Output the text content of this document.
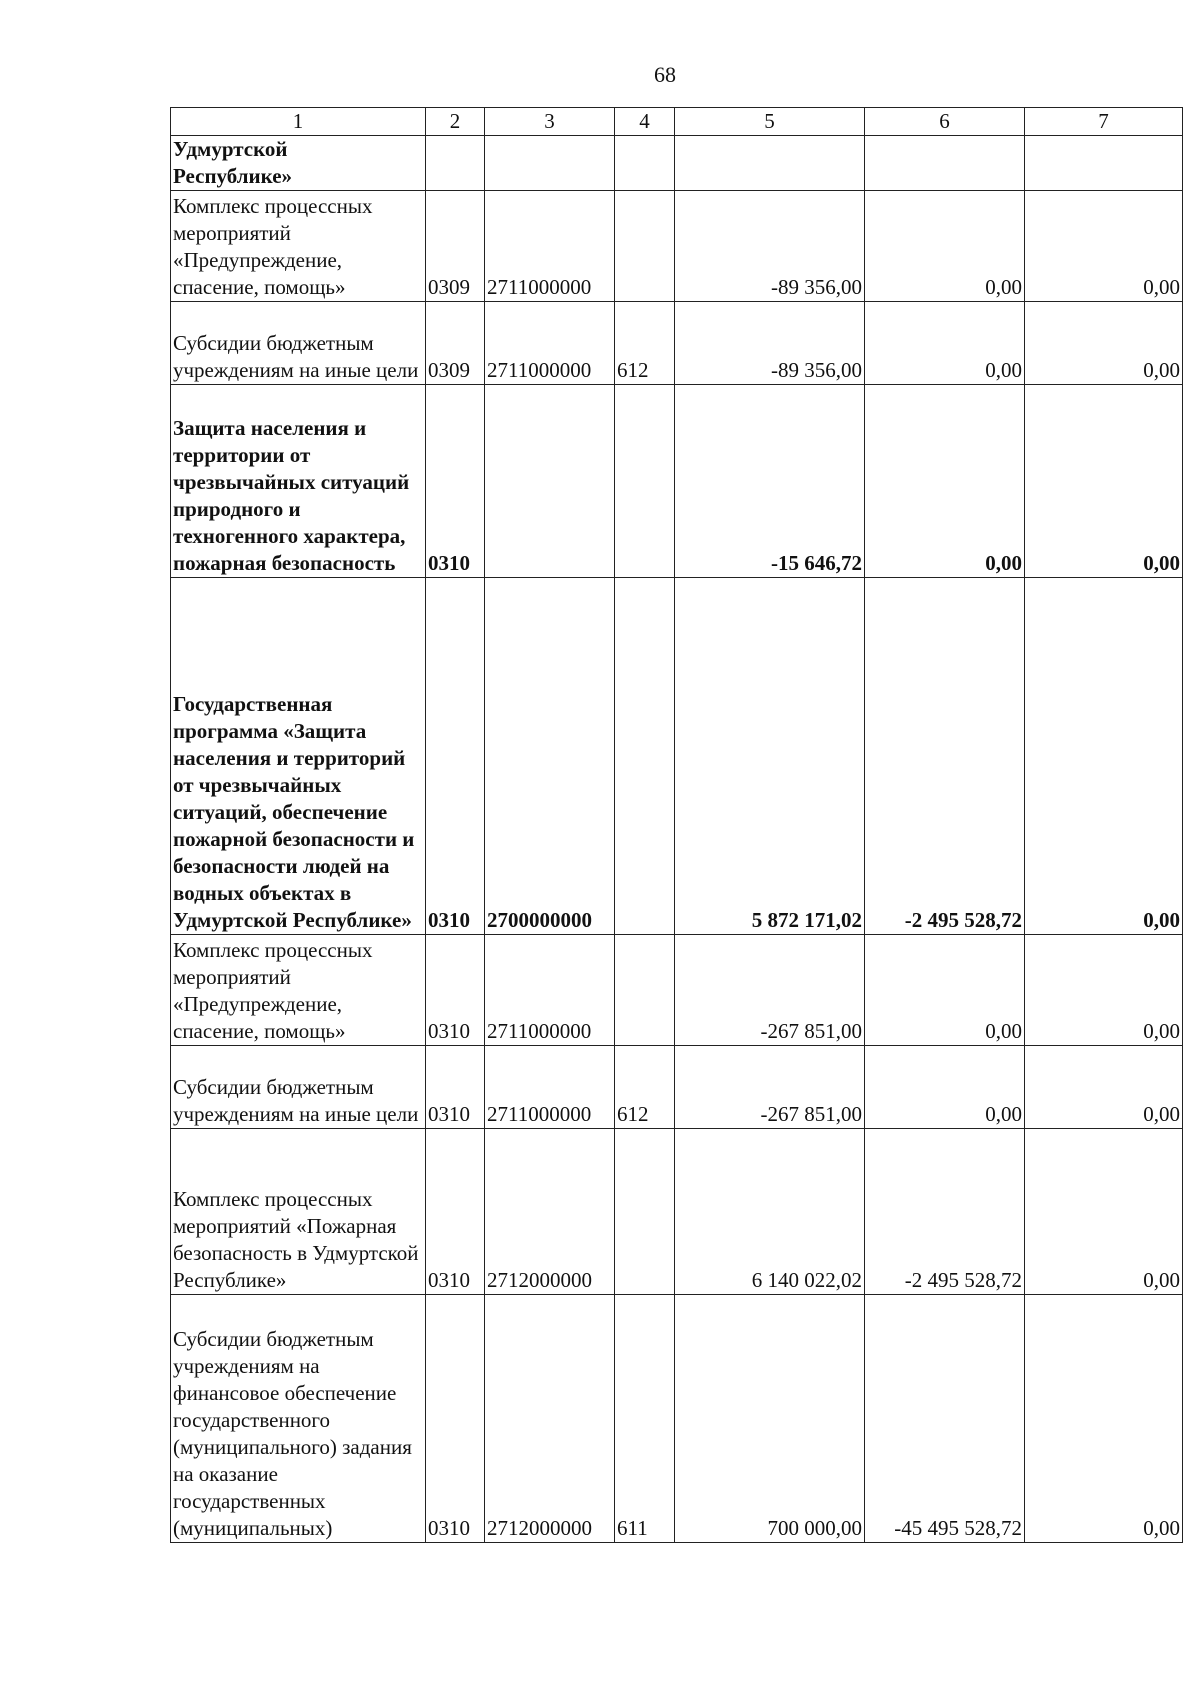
68
1	2	3	4	5	6	7

Удмуртской Республике»						

Комплекс процессных мероприятий «Предупреждение, спасение, помощь»	0309	2711000000		-89 356,00	0,00	0,00

Субсидии бюджетным учреждениям на иные цели	0309	2711000000	612	-89 356,00	0,00	0,00

Защита населения и территории от чрезвычайных ситуаций природного и техногенного характера, пожарная безопасность	0310			-15 646,72	0,00	0,00

Государственная программа «Защита населения и территорий от чрезвычайных ситуаций, обеспечение пожарной безопасности и безопасности людей на водных объектах в Удмуртской Республике»	0310	2700000000		5 872 171,02	-2 495 528,72	0,00

Комплекс процессных мероприятий «Предупреждение, спасение, помощь»	0310	2711000000		-267 851,00	0,00	0,00

Субсидии бюджетным учреждениям на иные цели	0310	2711000000	612	-267 851,00	0,00	0,00

Комплекс процессных мероприятий «Пожарная безопасность в Удмуртской Республике»	0310	2712000000		6 140 022,02	-2 495 528,72	0,00

Субсидии бюджетным учреждениям на финансовое обеспечение государственного (муниципального) задания на оказание государственных (муниципальных)	0310	2712000000	611	700 000,00	-45 495 528,72	0,00
